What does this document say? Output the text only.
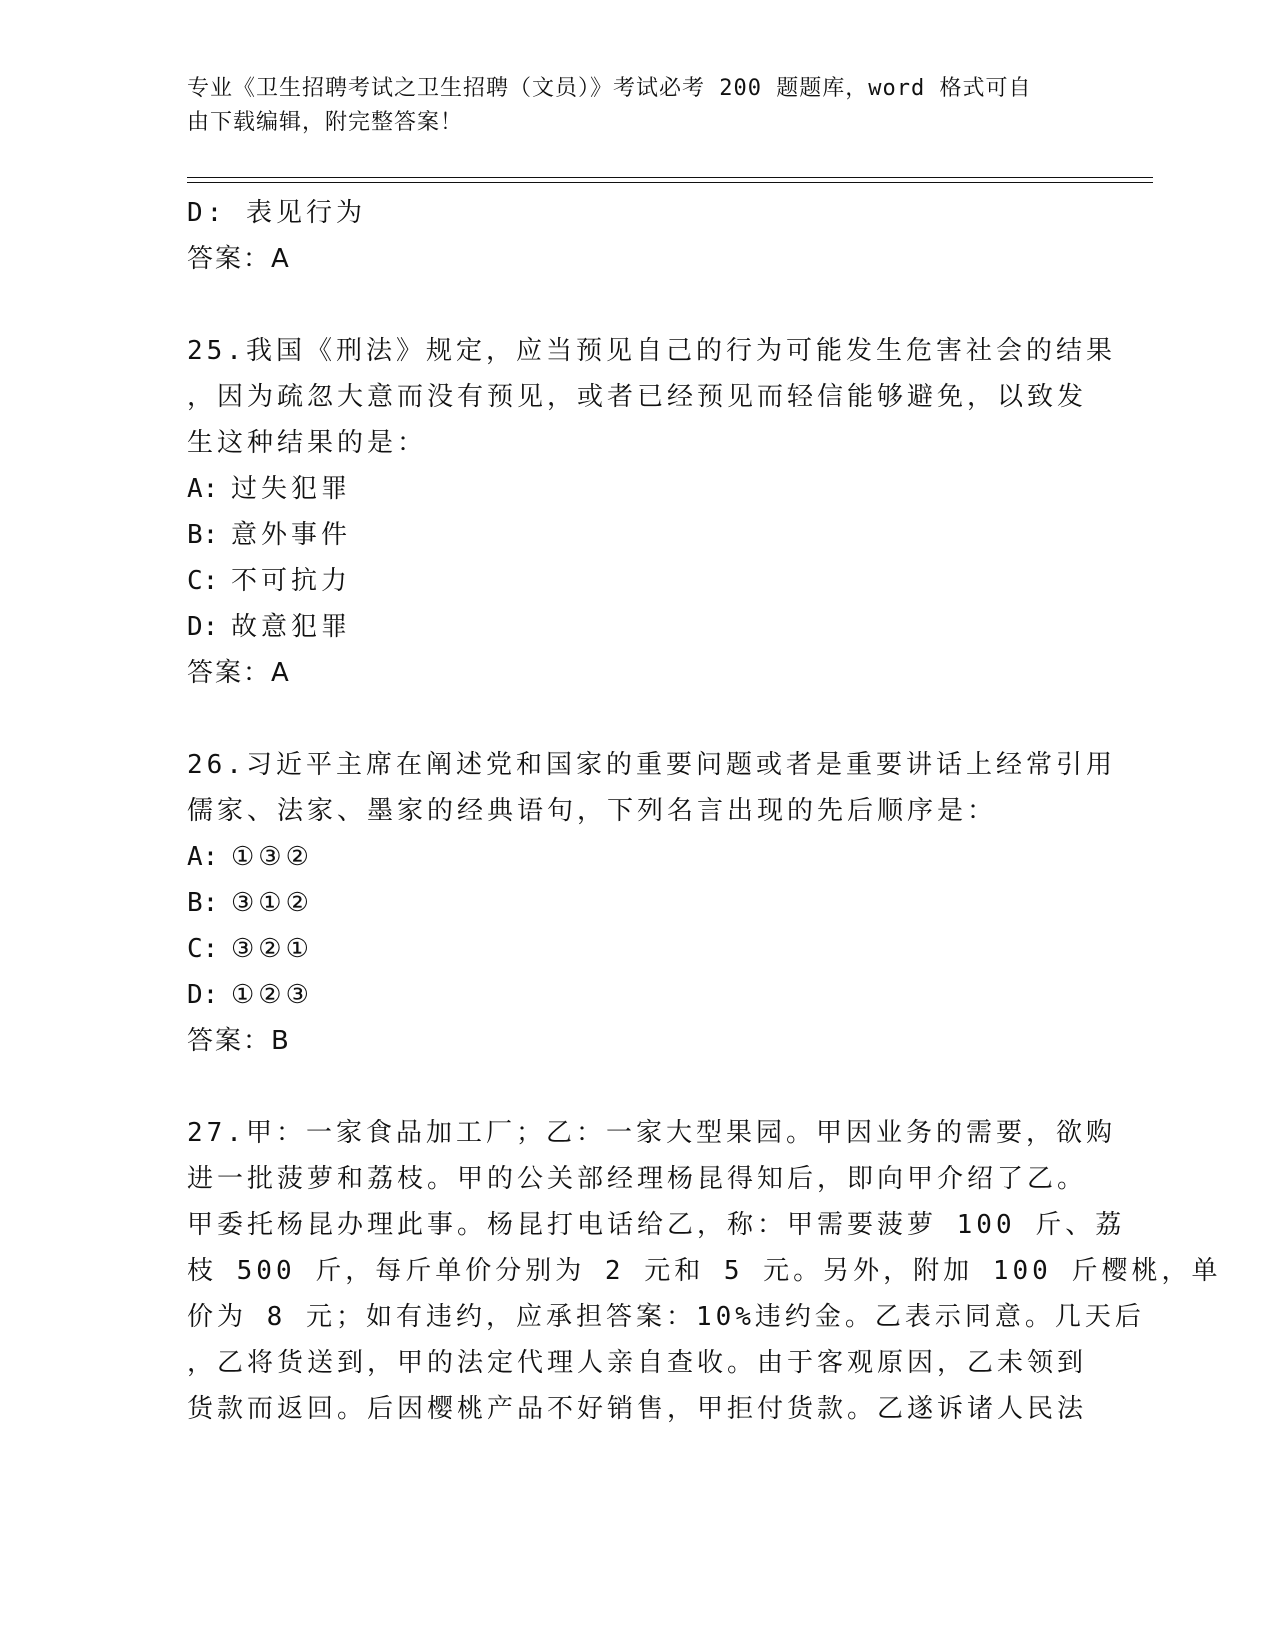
专业《卫生招聘考试之卫生招聘（文员）》考试必考 200 题题库，word 格式可自
由下载编辑，附完整答案！
D: 表见行为
答案：A
25.我国《刑法》规定，应当预见自己的行为可能发生危害社会的结果
，因为疏忽大意而没有预见，或者已经预见而轻信能够避免，以致发
生这种结果的是：
A: 过失犯罪
B: 意外事件
C: 不可抗力
D: 故意犯罪
答案：A
26.习近平主席在阐述党和国家的重要问题或者是重要讲话上经常引用
儒家、法家、墨家的经典语句，下列名言出现的先后顺序是：
A: ①③②
B: ③①②
C: ③②①
D: ①②③
答案：B
27.甲：一家食品加工厂；乙：一家大型果园。甲因业务的需要，欲购
进一批菠萝和荔枝。甲的公关部经理杨昆得知后，即向甲介绍了乙。
甲委托杨昆办理此事。杨昆打电话给乙，称：甲需要菠萝 100 斤、荔
枝 500 斤，每斤单价分别为 2 元和 5 元。另外，附加 100 斤樱桃，单
价为 8 元；如有违约，应承担答案：10%违约金。乙表示同意。几天后
，乙将货送到，甲的法定代理人亲自查收。由于客观原因，乙未领到
货款而返回。后因樱桃产品不好销售，甲拒付货款。乙遂诉诸人民法
